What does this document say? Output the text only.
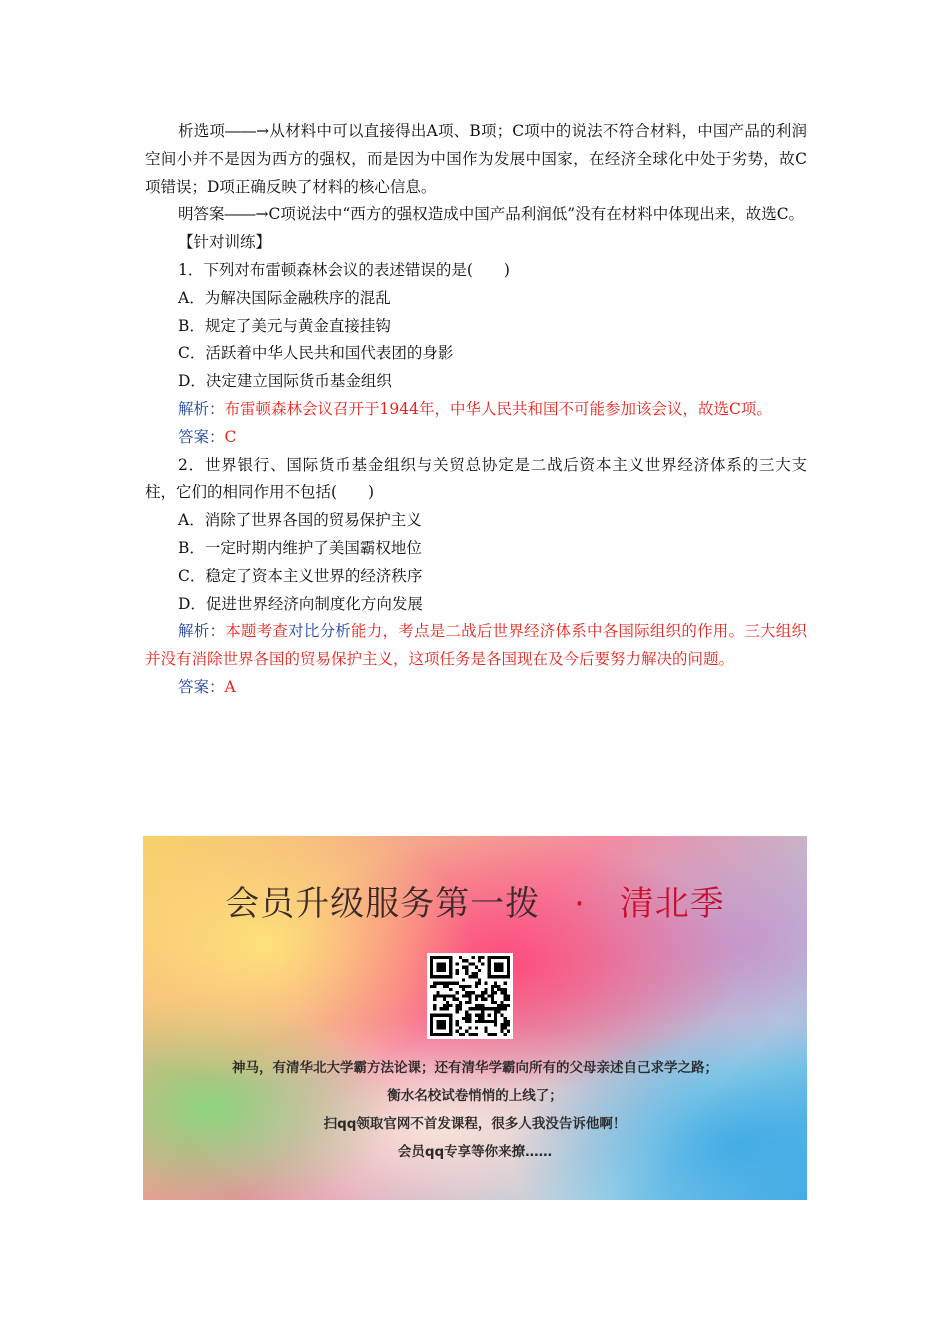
析选项――→从材料中可以直接得出A项、B项；C项中的说法不符合材料，中国产品的利润空间小并不是因为西方的强权，而是因为中国作为发展中国家，在经济全球化中处于劣势，故C项错误；D项正确反映了材料的核心信息。

明答案――→C项说法中“西方的强权造成中国产品利润低”没有在材料中体现出来，故选C。

【针对训练】

1．下列对布雷顿森林会议的表述错误的是(　　)

A．为解决国际金融秩序的混乱

B．规定了美元与黄金直接挂钩

C．活跃着中华人民共和国代表团的身影

D．决定建立国际货币基金组织

解析：布雷顿森林会议召开于1944年，中华人民共和国不可能参加该会议，故选C项。

答案：C

2．世界银行、国际货币基金组织与关贸总协定是二战后资本主义世界经济体系的三大支柱，它们的相同作用不包括(　　)

A．消除了世界各国的贸易保护主义

B．一定时期内维护了美国霸权地位

C．稳定了资本主义世界的经济秩序

D．促进世界经济向制度化方向发展

解析：本题考查对比分析能力，考点是二战后世界经济体系中各国际组织的作用。三大组织并没有消除世界各国的贸易保护主义，这项任务是各国现在及今后要努力解决的问题。

答案：A

会员升级服务第一拨 · 清北季
神马，有清华北大学霸方法论课；还有清华学霸向所有的父母亲述自己求学之路；
衡水名校试卷悄悄的上线了；
扫qq领取官网不首发课程，很多人我没告诉他啊！
会员qq专享等你来撩……
